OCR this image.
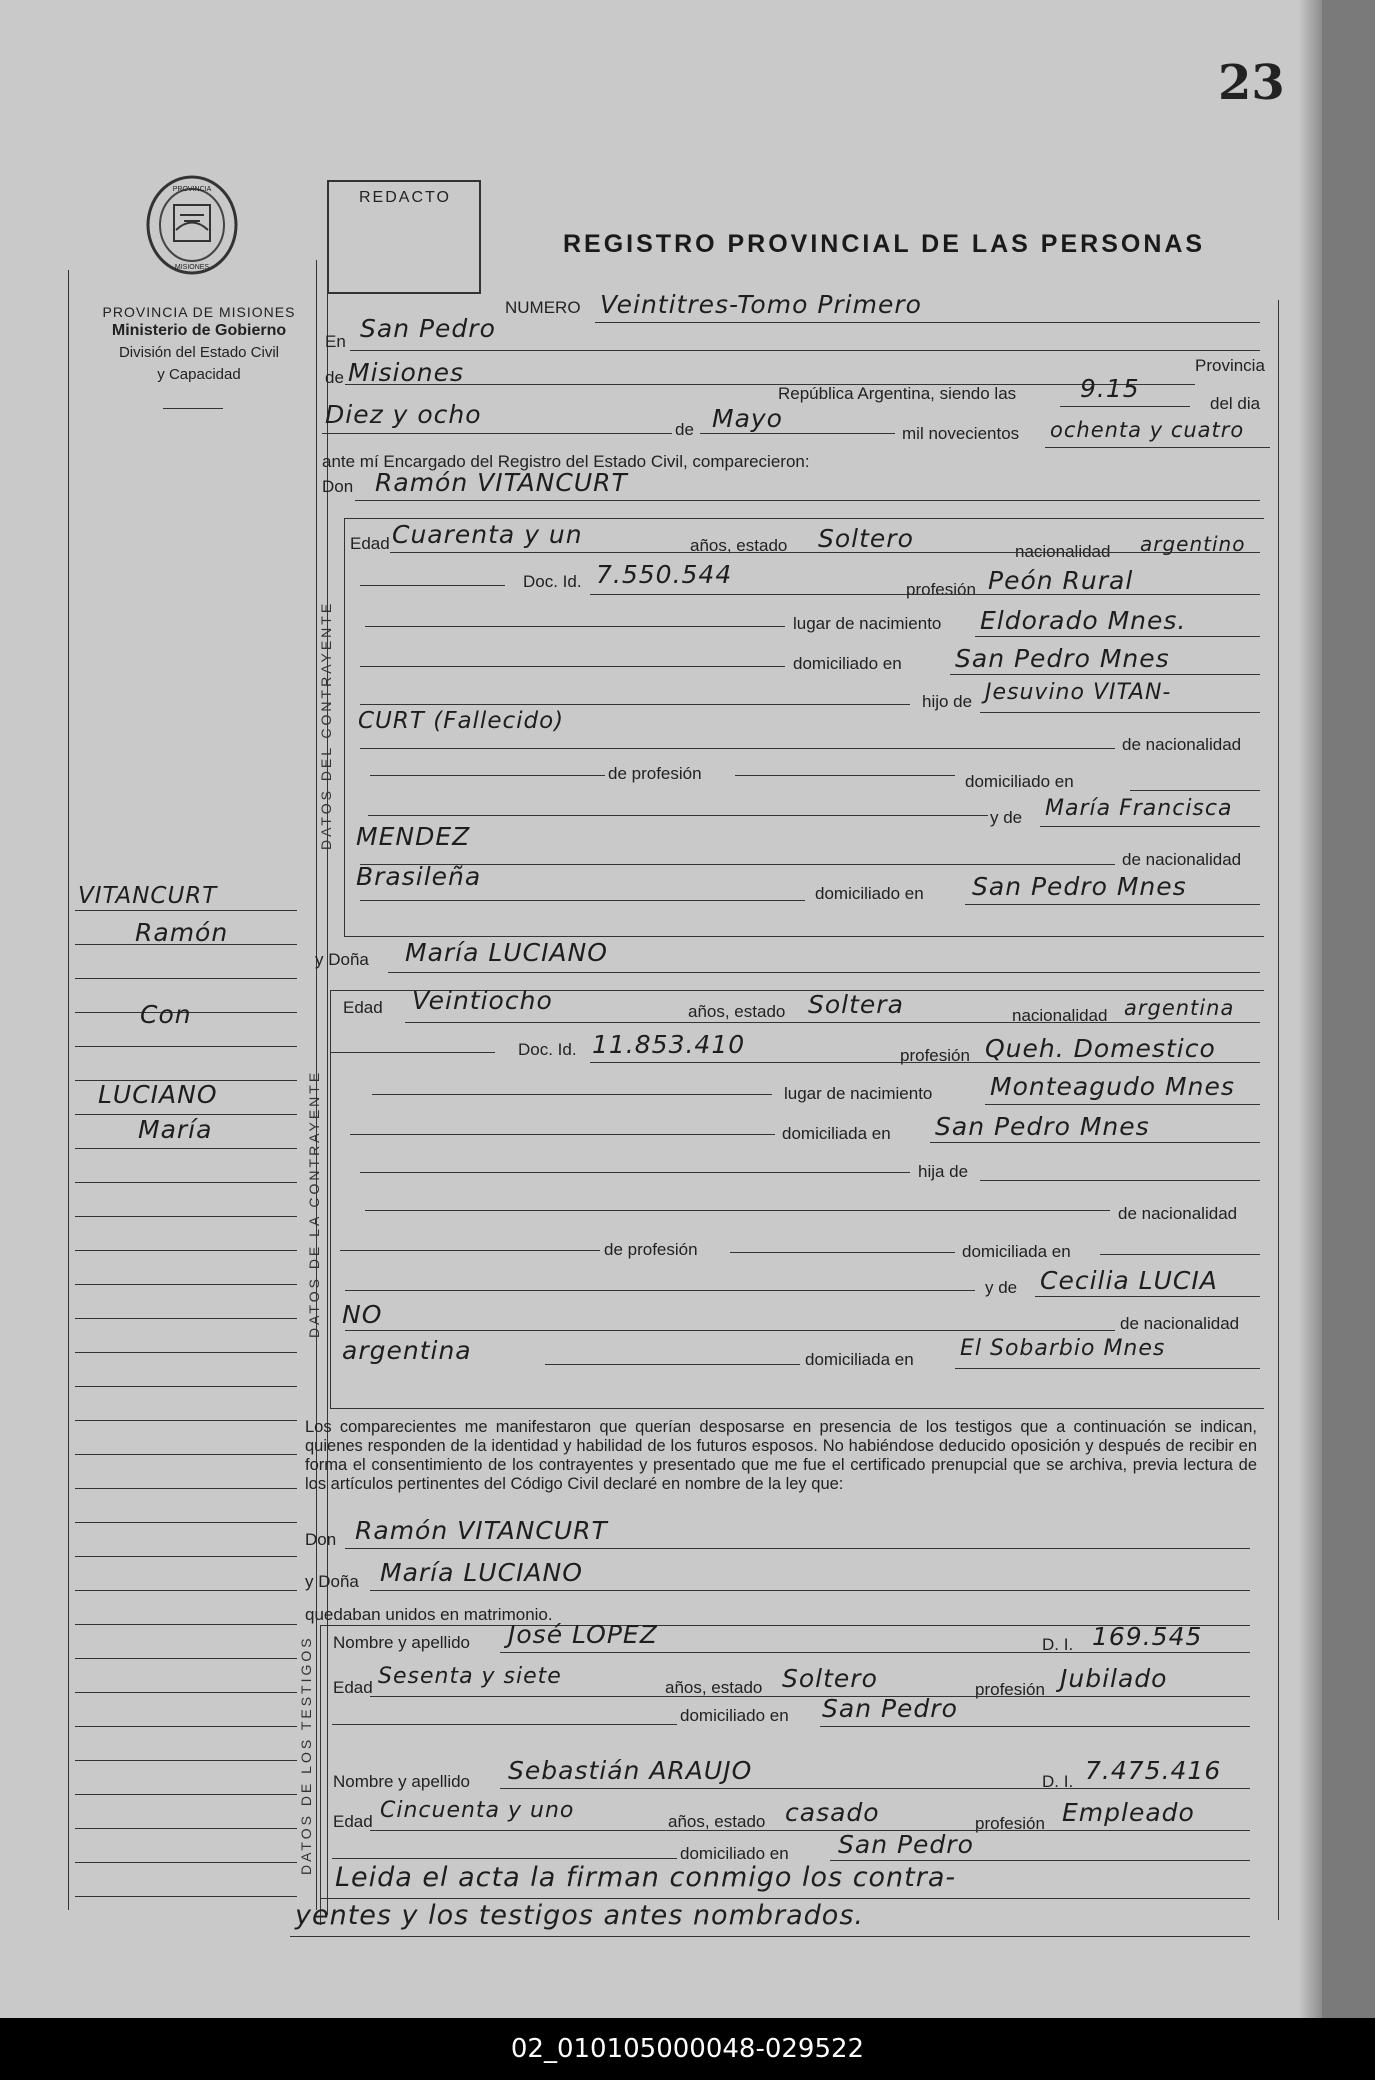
23
REDACTO
REGISTRO PROVINCIAL DE LAS PERSONAS
PROVINCIA
MISIONES
PROVINCIA DE MISIONES
Ministerio de Gobierno
División del Estado Civil
y Capacidad
VITANCURT
Ramón
Con
LUCIANO
María
NUMERO Veintitres-Tomo Primero
En San Pedro
de Misiones	Provincia
República Argentina, siendo las	9.15
del dia
Diez y ocho
de Mayo
mil novecientos ochenta y cuatro
ante mí Encargado del Registro del Estado Civil, comparecieron:
Don Ramón VITANCURT
DATOS DEL CONTRAYENTE
Edad Cuarenta y un	años, estado Soltero	nacionalidad argentino
Doc. Id. 7.550.544
profesión Peón Rural
lugar de nacimiento Eldorado Mnes.
domiciliado en San Pedro Mnes
hijo de Jesuvino VITAN-
CURT (Fallecido)
de nacionalidad
de profesión	domiciliado en
y de María Francisca
MENDEZ
de nacionalidad
Brasileña
domiciliado en San Pedro Mnes
y Doña María LUCIANO
DATOS DE LA CONTRAYENTE
Edad Veintiocho	años, estado Soltera	nacionalidad argentina
Doc. Id. 11.853.410	profesión Queh. Domestico
lugar de nacimiento Monteagudo Mnes
domiciliada en San Pedro Mnes
hija de
de nacionalidad
de profesión	domiciliada en
y de Cecilia LUCIA
NO	de nacionalidad
argentina	domiciliada en El Sobarbio Mnes
Los comparecientes me manifestaron que querían desposarse en presencia de los testigos que a continuación se indican, quienes responden de la identidad y habilidad de los futuros esposos. No habiéndose deducido oposición y después de recibir en forma el consentimiento de los contrayentes y presentado que me fue el certificado prenupcial que se archiva, previa lectura de los artículos pertinentes del Código Civil declaré en nombre de la ley que:
Don Ramón VITANCURT
y Doña María LUCIANO
quedaban unidos en matrimonio.
DATOS DE LOS TESTIGOS Nombre y apellido José LOPEZ	D. I. 169.545
Edad Sesenta y siete	años, estado Soltero	profesión Jubilado
domiciliado en San Pedro
Nombre y apellido Sebastián ARAUJO	D. I. 7.475.416
Edad Cincuenta y uno	años, estado casado	profesión Empleado
domiciliado en San Pedro
Leida el acta la firman conmigo los contra-
yentes y los testigos antes nombrados.
02_010105000048-029522
